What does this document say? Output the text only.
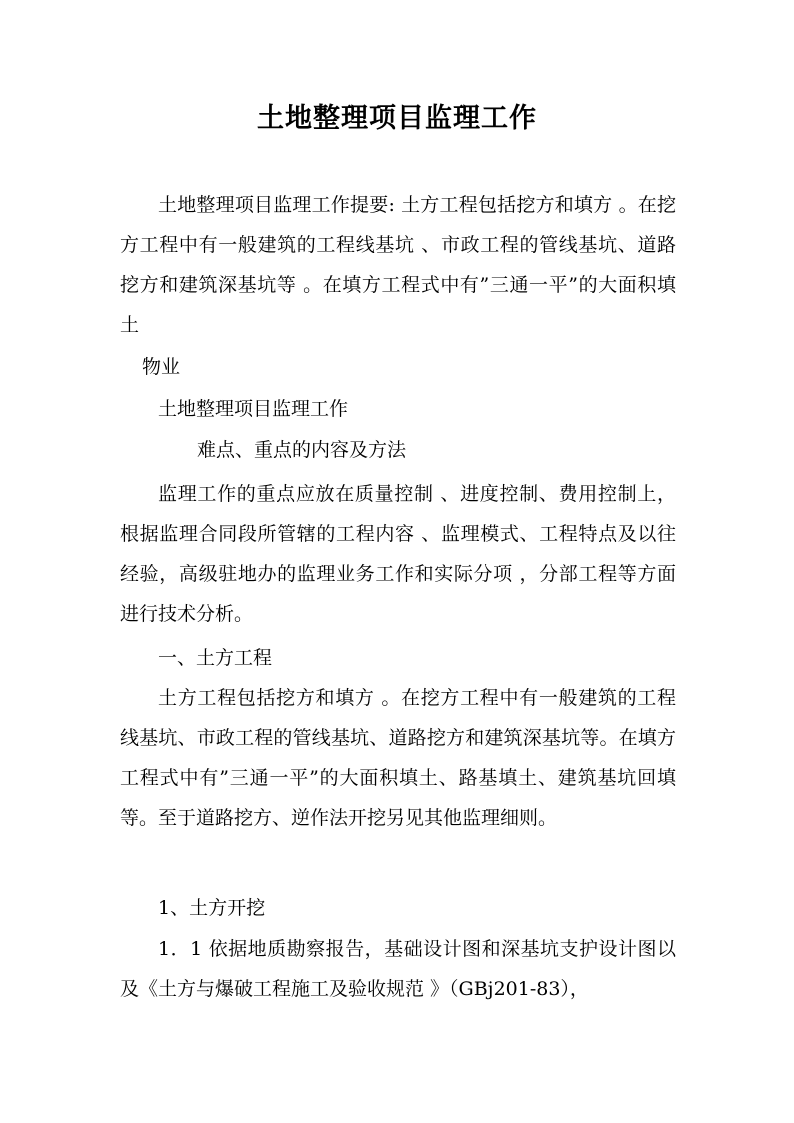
土地整理项目监理工作

土地整理项目监理工作提要: 土方工程包括挖方和填方 。在挖方工程中有一般建筑的工程线基坑 、市政工程的管线基坑、道路挖方和建筑深基坑等 。在填方工程式中有”三通一平”的大面积填土

物业

土地整理项目监理工作

难点、重点的内容及方法

监理工作的重点应放在质量控制 、进度控制、费用控制上，根据监理合同段所管辖的工程内容 、监理模式、工程特点及以往经验，高级驻地办的监理业务工作和实际分项 ，分部工程等方面进行技术分析。

一、土方工程

土方工程包括挖方和填方 。在挖方工程中有一般建筑的工程线基坑、市政工程的管线基坑、道路挖方和建筑深基坑等。在填方工程式中有”三通一平”的大面积填土、路基填土、建筑基坑回填等。至于道路挖方、逆作法开挖另见其他监理细则。

1、土方开挖

1．1 依据地质勘察报告，基础设计图和深基坑支护设计图以及《土方与爆破工程施工及验收规范 》（GBj201-83），
